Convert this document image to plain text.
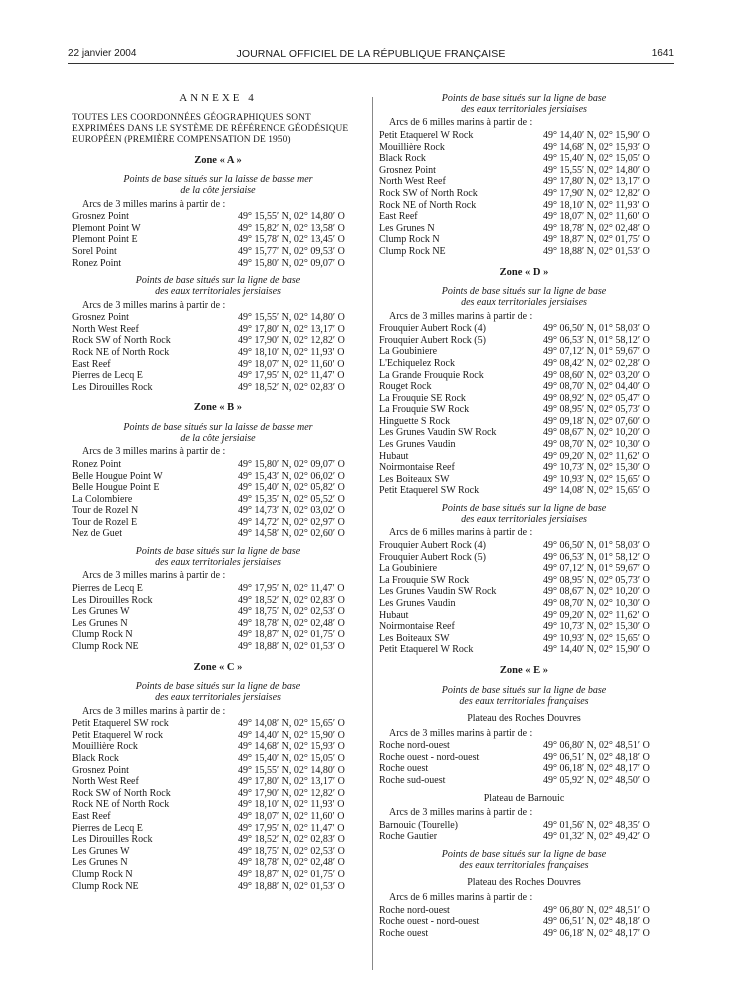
22 janvier 2004	JOURNAL OFFICIEL DE LA RÉPUBLIQUE FRANÇAISE	1641
ANNEXE 4
TOUTES LES COORDONNÉES GÉOGRAPHIQUES SONT EXPRIMÉES DANS LE SYSTÈME DE RÉFÉRENCE GÉODÉSIQUE EUROPÉEN (PREMIÈRE COMPENSATION DE 1950)
Zone « A »
Points de base situés sur la laisse de basse mer
de la côte jersiaise
Arcs de 3 milles marins à partir de :
Grosnez Point	49° 15,55′ N, 02° 14,80′ O
Plemont Point W	49° 15,82′ N, 02° 13,58′ O
Plemont Point E	49° 15,78′ N, 02° 13,45′ O
Sorel Point	49° 15,77′ N, 02° 09,53′ O
Ronez Point	49° 15,80′ N, 02° 09,07′ O
Points de base situés sur la ligne de base
des eaux territoriales jersiaises
Arcs de 3 milles marins à partir de :
Grosnez Point	49° 15,55′ N, 02° 14,80′ O
North West Reef	49° 17,80′ N, 02° 13,17′ O
Rock SW of North Rock	49° 17,90′ N, 02° 12,82′ O
Rock NE of North Rock	49° 18,10′ N, 02° 11,93′ O
East Reef	49° 18,07′ N, 02° 11,60′ O
Pierres de Lecq E	49° 17,95′ N, 02° 11,47′ O
Les Dirouilles Rock	49° 18,52′ N, 02° 02,83′ O
Zone « B »
Points de base situés sur la laisse de basse mer
de la côte jersiaise
Arcs de 3 milles marins à partir de :
Ronez Point	49° 15,80′ N, 02° 09,07′ O
Belle Hougue Point W	49° 15,43′ N, 02° 06,02′ O
Belle Hougue Point E	49° 15,40′ N, 02° 05,82′ O
La Colombiere	49° 15,35′ N, 02° 05,52′ O
Tour de Rozel N	49° 14,73′ N, 02° 03,02′ O
Tour de Rozel E	49° 14,72′ N, 02° 02,97′ O
Nez de Guet	49° 14,58′ N, 02° 02,60′ O
Points de base situés sur la ligne de base
des eaux territoriales jersiaises
Arcs de 3 milles marins à partir de :
Pierres de Lecq E	49° 17,95′ N, 02° 11,47′ O
Les Dirouilles Rock	49° 18,52′ N, 02° 02,83′ O
Les Grunes W	49° 18,75′ N, 02° 02,53′ O
Les Grunes N	49° 18,78′ N, 02° 02,48′ O
Clump Rock N	49° 18,87′ N, 02° 01,75′ O
Clump Rock NE	49° 18,88′ N, 02° 01,53′ O
Zone « C »
Points de base situés sur la ligne de base
des eaux territoriales jersiaises
Arcs de 3 milles marins à partir de :
Petit Etaquerel SW rock	49° 14,08′ N, 02° 15,65′ O
Petit Etaquerel W rock	49° 14,40′ N, 02° 15,90′ O
Mouillière Rock	49° 14,68′ N, 02° 15,93′ O
Black Rock	49° 15,40′ N, 02° 15,05′ O
Grosnez Point	49° 15,55′ N, 02° 14,80′ O
North West Reef	49° 17,80′ N, 02° 13,17′ O
Rock SW of North Rock	49° 17,90′ N, 02° 12,82′ O
Rock NE of North Rock	49° 18,10′ N, 02° 11,93′ O
East Reef	49° 18,07′ N, 02° 11,60′ O
Pierres de Lecq E	49° 17,95′ N, 02° 11,47′ O
Les Dirouilles Rock	49° 18,52′ N, 02° 02,83′ O
Les Grunes W	49° 18,75′ N, 02° 02,53′ O
Les Grunes N	49° 18,78′ N, 02° 02,48′ O
Clump Rock N	49° 18,87′ N, 02° 01,75′ O
Clump Rock NE	49° 18,88′ N, 02° 01,53′ O
Points de base situés sur la ligne de base
des eaux territoriales jersiaises
Arcs de 6 milles marins à partir de :
Petit Etaquerel W Rock	49° 14,40′ N, 02° 15,90′ O
Mouillière Rock	49° 14,68′ N, 02° 15,93′ O
Black Rock	49° 15,40′ N, 02° 15,05′ O
Grosnez Point	49° 15,55′ N, 02° 14,80′ O
North West Reef	49° 17,80′ N, 02° 13,17′ O
Rock SW of North Rock	49° 17,90′ N, 02° 12,82′ O
Rock NE of North Rock	49° 18,10′ N, 02° 11,93′ O
East Reef	49° 18,07′ N, 02° 11,60′ O
Les Grunes N	49° 18,78′ N, 02° 02,48′ O
Clump Rock N	49° 18,87′ N, 02° 01,75′ O
Clump Rock NE	49° 18,88′ N, 02° 01,53′ O
Zone « D »
Points de base situés sur la ligne de base
des eaux territoriales jersiaises
Arcs de 3 milles marins à partir de :
Frouquier Aubert Rock (4)	49° 06,50′ N, 01° 58,03′ O
Frouquier Aubert Rock (5)	49° 06,53′ N, 01° 58,12′ O
La Goubiniere	49° 07,12′ N, 01° 59,67′ O
L'Echiquelez Rock	49° 08,42′ N, 02° 02,28′ O
La Grande Frouquie Rock	49° 08,60′ N, 02° 03,20′ O
Rouget Rock	49° 08,70′ N, 02° 04,40′ O
La Frouquie SE Rock	49° 08,92′ N, 02° 05,47′ O
La Frouquie SW Rock	49° 08,95′ N, 02° 05,73′ O
Hinguette S Rock	49° 09,18′ N, 02° 07,60′ O
Les Grunes Vaudin SW Rock	49° 08,67′ N, 02° 10,20′ O
Les Grunes Vaudin	49° 08,70′ N, 02° 10,30′ O
Hubaut	49° 09,20′ N, 02° 11,62′ O
Noirmontaise Reef	49° 10,73′ N, 02° 15,30′ O
Les Boiteaux SW	49° 10,93′ N, 02° 15,65′ O
Petit Etaquerel SW Rock	49° 14,08′ N, 02° 15,65′ O
Points de base situés sur la ligne de base
des eaux territoriales jersiaises
Arcs de 6 milles marins à partir de :
Frouquier Aubert Rock (4)	49° 06,50′ N, 01° 58,03′ O
Frouquier Aubert Rock (5)	49° 06,53′ N, 01° 58,12′ O
La Goubiniere	49° 07,12′ N, 01° 59,67′ O
La Frouquie SW Rock	49° 08,95′ N, 02° 05,73′ O
Les Grunes Vaudin SW Rock	49° 08,67′ N, 02° 10,20′ O
Les Grunes Vaudin	49° 08,70′ N, 02° 10,30′ O
Hubaut	49° 09,20′ N, 02° 11,62′ O
Noirmontaise Reef	49° 10,73′ N, 02° 15,30′ O
Les Boiteaux SW	49° 10,93′ N, 02° 15,65′ O
Petit Etaquerel W Rock	49° 14,40′ N, 02° 15,90′ O
Zone « E »
Points de base situés sur la ligne de base
des eaux territoriales françaises
Plateau des Roches Douvres
Arcs de 3 milles marins à partir de :
Roche nord-ouest	49° 06,80′ N, 02° 48,51′ O
Roche ouest - nord-ouest	49° 06,51′ N, 02° 48,18′ O
Roche ouest	49° 06,18′ N, 02° 48,17′ O
Roche sud-ouest	49° 05,92′ N, 02° 48,50′ O
Plateau de Barnouic
Arcs de 3 milles marins à partir de :
Barnouic (Tourelle)	49° 01,56′ N, 02° 48,35′ O
Roche Gautier	49° 01,32′ N, 02° 49,42′ O
Points de base situés sur la ligne de base
des eaux territoriales françaises
Plateau des Roches Douvres
Arcs de 6 milles marins à partir de :
Roche nord-ouest	49° 06,80′ N, 02° 48,51′ O
Roche ouest - nord-ouest	49° 06,51′ N, 02° 48,18′ O
Roche ouest	49° 06,18′ N, 02° 48,17′ O
